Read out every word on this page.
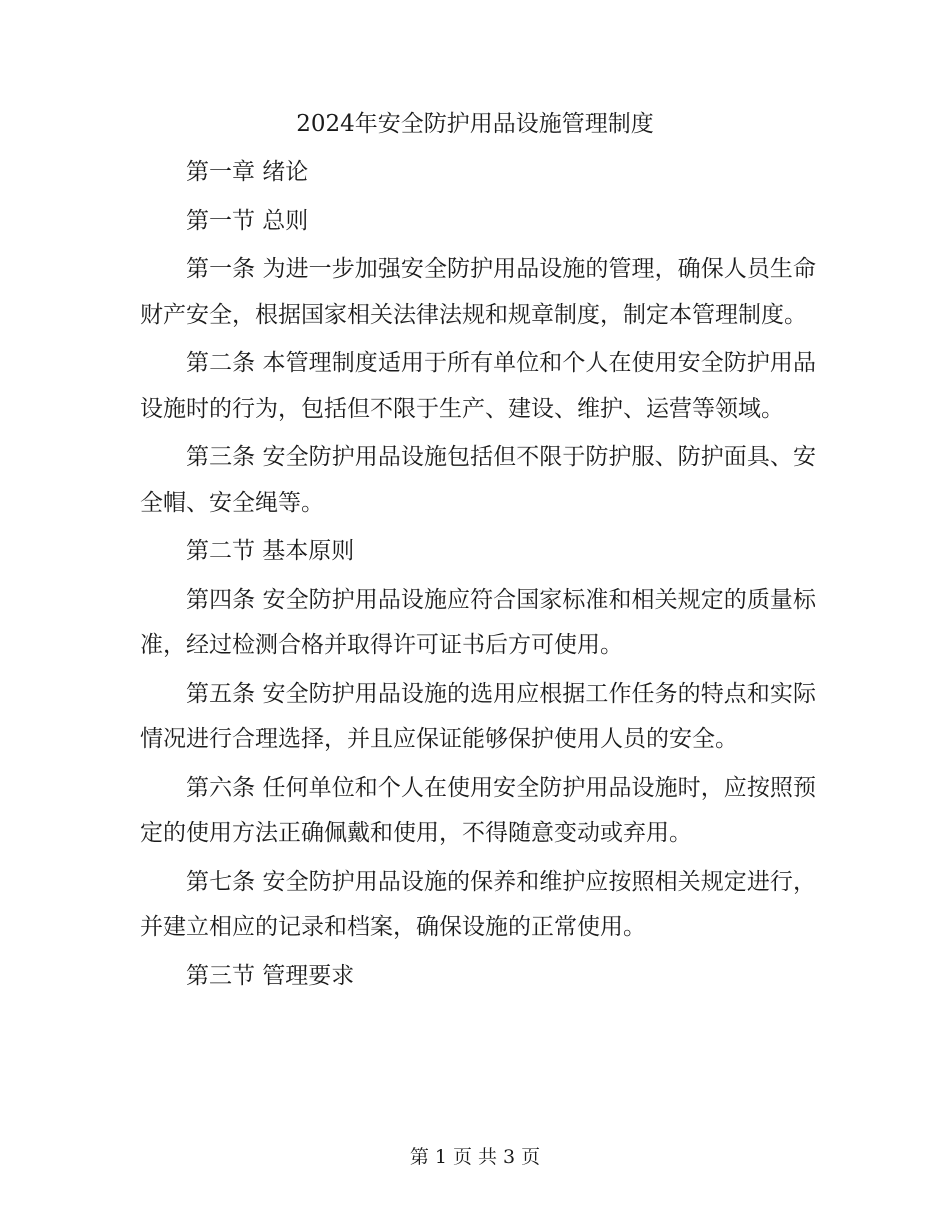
2024年安全防护用品设施管理制度

第一章 绪论

第一节 总则

第一条 为进一步加强安全防护用品设施的管理，确保人员生命财产安全，根据国家相关法律法规和规章制度，制定本管理制度。

第二条 本管理制度适用于所有单位和个人在使用安全防护用品设施时的行为，包括但不限于生产、建设、维护、运营等领域。

第三条 安全防护用品设施包括但不限于防护服、防护面具、安全帽、安全绳等。

第二节 基本原则

第四条 安全防护用品设施应符合国家标准和相关规定的质量标准，经过检测合格并取得许可证书后方可使用。

第五条 安全防护用品设施的选用应根据工作任务的特点和实际情况进行合理选择，并且应保证能够保护使用人员的安全。

第六条 任何单位和个人在使用安全防护用品设施时，应按照预定的使用方法正确佩戴和使用，不得随意变动或弃用。

第七条 安全防护用品设施的保养和维护应按照相关规定进行，并建立相应的记录和档案，确保设施的正常使用。

第三节 管理要求

第 1 页 共 3 页
